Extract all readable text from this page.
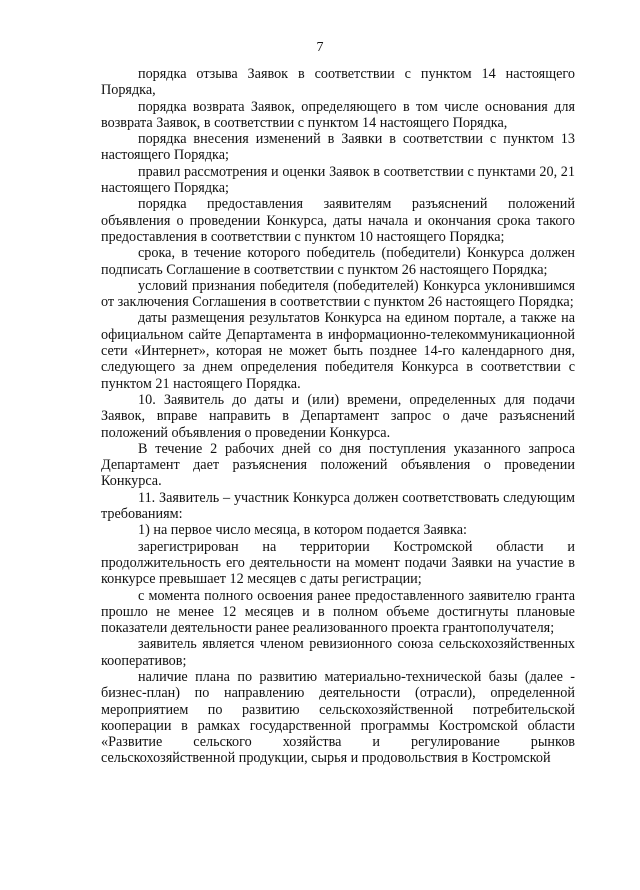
7

порядка отзыва Заявок в соответствии с пунктом 14 настоящего Порядка,

порядка возврата Заявок, определяющего в том числе основания для возврата Заявок, в соответствии с пунктом 14 настоящего Порядка,

порядка внесения изменений в Заявки в соответствии с пунктом 13 настоящего Порядка;

правил рассмотрения и оценки Заявок в соответствии с пунктами 20, 21 настоящего Порядка;

порядка предоставления заявителям разъяснений положений объявления о проведении Конкурса, даты начала и окончания срока такого предоставления в соответствии с пунктом 10 настоящего Порядка;

срока, в течение которого победитель (победители) Конкурса должен подписать Соглашение в соответствии с пунктом 26 настоящего Порядка;

условий признания победителя (победителей) Конкурса уклонившимся от заключения Соглашения в соответствии с пунктом 26 настоящего Порядка;

даты размещения результатов Конкурса на едином портале, а также на официальном сайте Департамента в информационно-телекоммуникационной сети «Интернет», которая не может быть позднее 14-го календарного дня, следующего за днем определения победителя Конкурса в соответствии с пунктом 21 настоящего Порядка.

10. Заявитель до даты и (или) времени, определенных для подачи Заявок, вправе направить в Департамент запрос о даче разъяснений положений объявления о проведении Конкурса.

В течение 2 рабочих дней со дня поступления указанного запроса Департамент дает разъяснения положений объявления о проведении Конкурса.

11. Заявитель – участник Конкурса должен соответствовать следующим требованиям:

1) на первое число месяца, в котором подается Заявка:

зарегистрирован на территории Костромской области и продолжительность его деятельности на момент подачи Заявки на участие в конкурсе превышает 12 месяцев с даты регистрации;

с момента полного освоения ранее предоставленного заявителю гранта прошло не менее 12 месяцев и в полном объеме достигнуты плановые показатели деятельности ранее реализованного проекта грантополучателя;

заявитель является членом ревизионного союза сельскохозяйственных кооперативов;

наличие плана по развитию материально-технической базы (далее - бизнес-план) по направлению деятельности (отрасли), определенной мероприятием по развитию сельскохозяйственной потребительской кооперации в рамках государственной программы Костромской области «Развитие сельского хозяйства и регулирование рынков сельскохозяйственной продукции, сырья и продовольствия в Костромской
